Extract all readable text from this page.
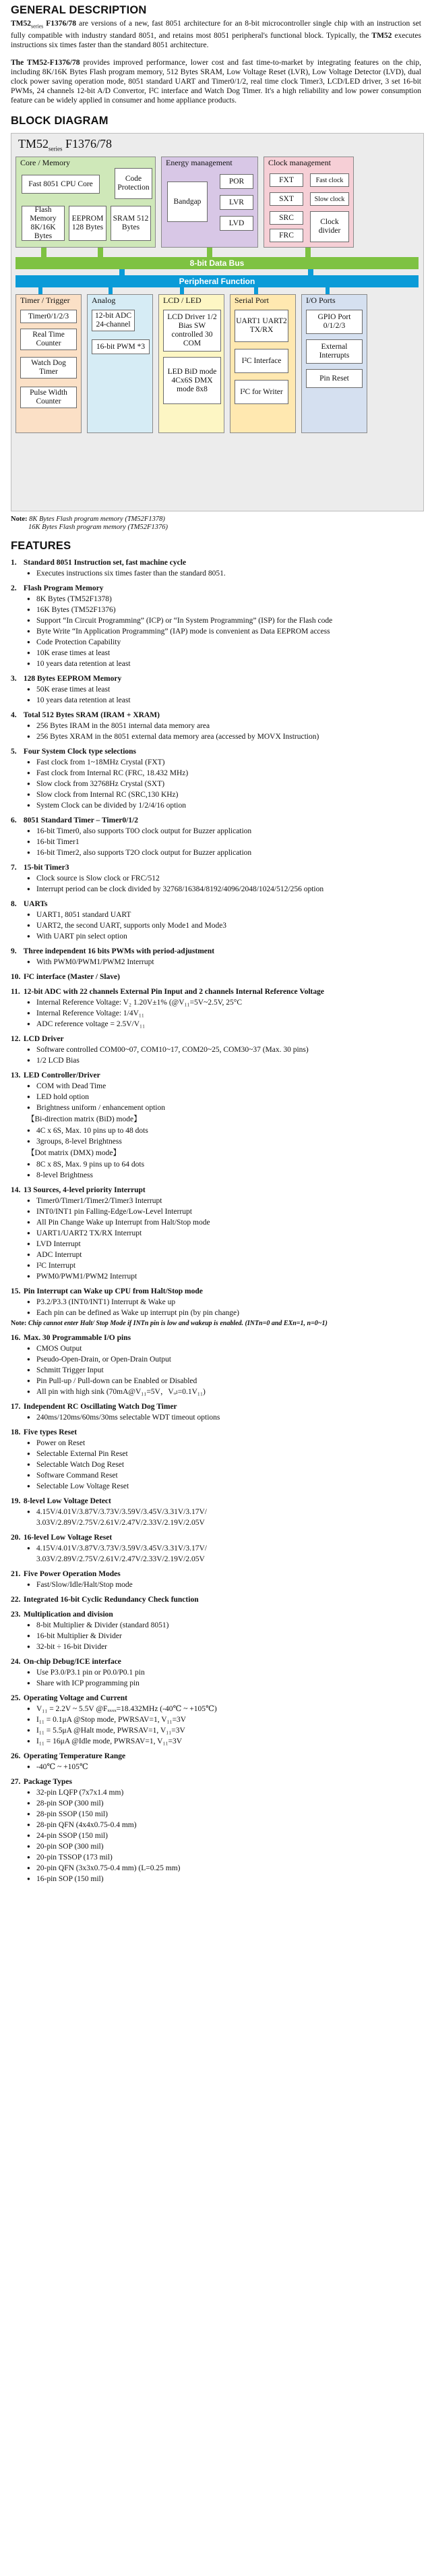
GENERAL DESCRIPTION

$TM52_{series}$ F1376/78 are versions of a new, fast 8051 architecture for an 8-bit microcontroller single chip with an instruction set fully compatible with industry standard 8051, and retains most 8051 peripheral's functional block. Typically, the TM52 executes instructions six times faster than the standard 8051 architecture.

The TM52-F1376/78 provides improved performance, lower cost and fast time-to-market by integrating features on the chip, including 8K/16K Bytes Flash program memory, 512 Bytes SRAM, Low Voltage Reset (LVR), Low Voltage Detector (LVD), dual clock power saving operation mode, 8051 standard UART and Timer0/1/2, real time clock Timer3, LCD/LED driver, 3 set 16-bit PWMs, 24 channels 12-bit A/D Convertor, I²C interface and Watch Dog Timer. It's a high reliability and low power consumption feature can be widely applied in consumer and home appliance products.

BLOCK DIAGRAM
$TM52_{series}$ F1376/78
Core / Memory
Fast 8051 CPU Core
Code Protection
Flash Memory 8K/16K Bytes
EEPROM 128 Bytes
SRAM 512 Bytes
Energy management
Bandgap
POR
LVR
LVD
Clock management
FXT	Fast clock
SXT	Slow clock
SRC
FRC
Clock divider
8-bit Data Bus
Peripheral Function
Timer / Trigger
Timer0/1/2/3
Real Time Counter
Watch Dog Timer
Pulse Width Counter
Analog
12-bit ADC 24-channel
16-bit PWM *3
LCD / LED
LCD Driver 1/2 Bias SW controlled 30 COM
LED BiD mode 4Cx6S DMX mode 8x8
Serial Port
UART1 UART2 TX/RX
I²C Interface
I²C for Writer
I/O Ports
GPIO Port 0/1/2/3
External Interrupts
Pin Reset
Note: 8K Bytes Flash program memory (TM52F1378)
16K Bytes Flash program memory (TM52F1376)
FEATURES
1. Standard 8051 Instruction set, fast machine cycle
● Executes instructions six times faster than the standard 8051.
2. Flash Program Memory
● 8K Bytes (TM52F1378)
● 16K Bytes (TM52F1376)
● Support “In Circuit Programming” (ICP) or “In System Programming” (ISP) for the Flash code
● Byte Write “In Application Programming” (IAP) mode is convenient as Data EEPROM access
● Code Protection Capability
● 10K erase times at least
● 10 years data retention at least
3. 128 Bytes EEPROM Memory
● 50K erase times at least
● 10 years data retention at least
4. Total 512 Bytes SRAM (IRAM + XRAM)
● 256 Bytes IRAM in the 8051 internal data memory area
● 256 Bytes XRAM in the 8051 external data memory area (accessed by MOVX Instruction)
5. Four System Clock type selections
● Fast clock from 1~18MHz Crystal (FXT)
● Fast clock from Internal RC (FRC, 18.432 MHz)
● Slow clock from 32768Hz Crystal (SXT)
● Slow clock from Internal RC (SRC,130 KHz)
● System Clock can be divided by 1/2/4/16 option
6. 8051 Standard Timer – Timer0/1/2
● 16-bit Timer0, also supports T0O clock output for Buzzer application
● 16-bit Timer1
● 16-bit Timer2, also supports T2O clock output for Buzzer application
7. 15-bit Timer3
● Clock source is Slow clock or FRC/512
● Interrupt period can be clock divided by 32768/16384/8192/4096/2048/1024/512/256 option
8. UARTs
● UART1, 8051 standard UART
● UART2, the second UART, supports only Mode1 and Mode3
● With UART pin select option
9. Three independent 16 bits PWMs with period-adjustment
● With PWM0/PWM1/PWM2 Interrupt
10. I²C interface (Master / Slave)
11. 12-bit ADC with 22 channels External Pin Input and 2 channels Internal Reference Voltage
● Internal Reference Voltage: V₂ 1.20V±1% (@V₁₁=5V~2.5V, 25°C
● Internal Reference Voltage: 1/4V₁₁
● ADC reference voltage = 2.5V/V₁₁
12. LCD Driver
● Software controlled COM00~07, COM10~17, COM20~25, COM30~37 (Max. 30 pins)
● 1/2 LCD Bias
13. LED Controller/Driver
● COM with Dead Time
● LED hold option
● Brightness uniform / enhancement option
【Bi-direction matrix (BiD) mode】
● 4C x 6S, Max. 10 pins up to 48 dots
● 3groups, 8-level Brightness
【Dot matrix (DMX) mode】
● 8C x 8S, Max. 9 pins up to 64 dots
● 8-level Brightness
14. 13 Sources, 4-level priority Interrupt
● Timer0/Timer1/Timer2/Timer3 Interrupt
● INT0/INT1 pin Falling-Edge/Low-Level Interrupt
● All Pin Change Wake up Interrupt from Halt/Stop mode
● UART1/UART2 TX/RX Interrupt
● LVD Interrupt
● ADC Interrupt
● I²C Interrupt
● PWM0/PWM1/PWM2 Interrupt
15. Pin Interrupt can Wake up CPU from Halt/Stop mode
● P3.2/P3.3 (INT0/INT1) Interrupt & Wake up
● Each pin can be defined as Wake up interrupt pin (by pin change)
Note: Chip cannot enter Halt/ Stop Mode if INTn pin is low and wakeup is enabled. (INTn=0 and EXn=1, n=0~1)
16. Max. 30 Programmable I/O pins
● CMOS Output
● Pseudo-Open-Drain, or Open-Drain Output
● Schmitt Trigger Input
● Pin Pull-up / Pull-down can be Enabled or Disabled
● All pin with high sink (70mA@V₁₁=5V，Vₒₗ=0.1V₁₁)
17. Independent RC Oscillating Watch Dog Timer
● 240ms/120ms/60ms/30ms selectable WDT timeout options
18. Five types Reset
● Power on Reset
● Selectable External Pin Reset
● Selectable Watch Dog Reset
● Software Command Reset
● Selectable Low Voltage Reset
19. 8-level Low Voltage Detect
● 4.15V/4.01V/3.87V/3.73V/3.59V/3.45V/3.31V/3.17V/
3.03V/2.89V/2.75V/2.61V/2.47V/2.33V/2.19V/2.05V
20. 16-level Low Voltage Reset
● 4.15V/4.01V/3.87V/3.73V/3.59V/3.45V/3.31V/3.17V/
3.03V/2.89V/2.75V/2.61V/2.47V/2.33V/2.19V/2.05V
21. Five Power Operation Modes
● Fast/Slow/Idle/Halt/Stop mode
22. Integrated 16-bit Cyclic Redundancy Check function
23. Multiplication and division
● 8-bit Multiplier & Divider (standard 8051)
● 16-bit Multiplier & Divider
● 32-bit ÷ 16-bit Divider
24. On-chip Debug/ICE interface
● Use P3.0/P3.1 pin or P0.0/P0.1 pin
● Share with ICP programming pin
25. Operating Voltage and Current
● V₁₁ = 2.2V ~ 5.5V @Fₓₓₓₓ=18.432MHz (-40℃ ~ +105℃)
● I₁₁ = 0.1μA @Stop mode, PWRSAV=1, V₁₁=3V
● I₁₁ = 5.5μA @Halt mode, PWRSAV=1, V₁₁=3V
● I₁₁ = 16μA @Idle mode, PWRSAV=1, V₁₁=3V
26. Operating Temperature Range
● -40℃ ~ +105℃
27. Package Types
● 32-pin LQFP (7x7x1.4 mm)
● 28-pin SOP (300 mil)
● 28-pin SSOP (150 mil)
● 28-pin QFN (4x4x0.75-0.4 mm)
● 24-pin SSOP (150 mil)
● 20-pin SOP (300 mil)
● 20-pin TSSOP (173 mil)
● 20-pin QFN (3x3x0.75-0.4 mm) (L=0.25 mm)
● 16-pin SOP (150 mil)
